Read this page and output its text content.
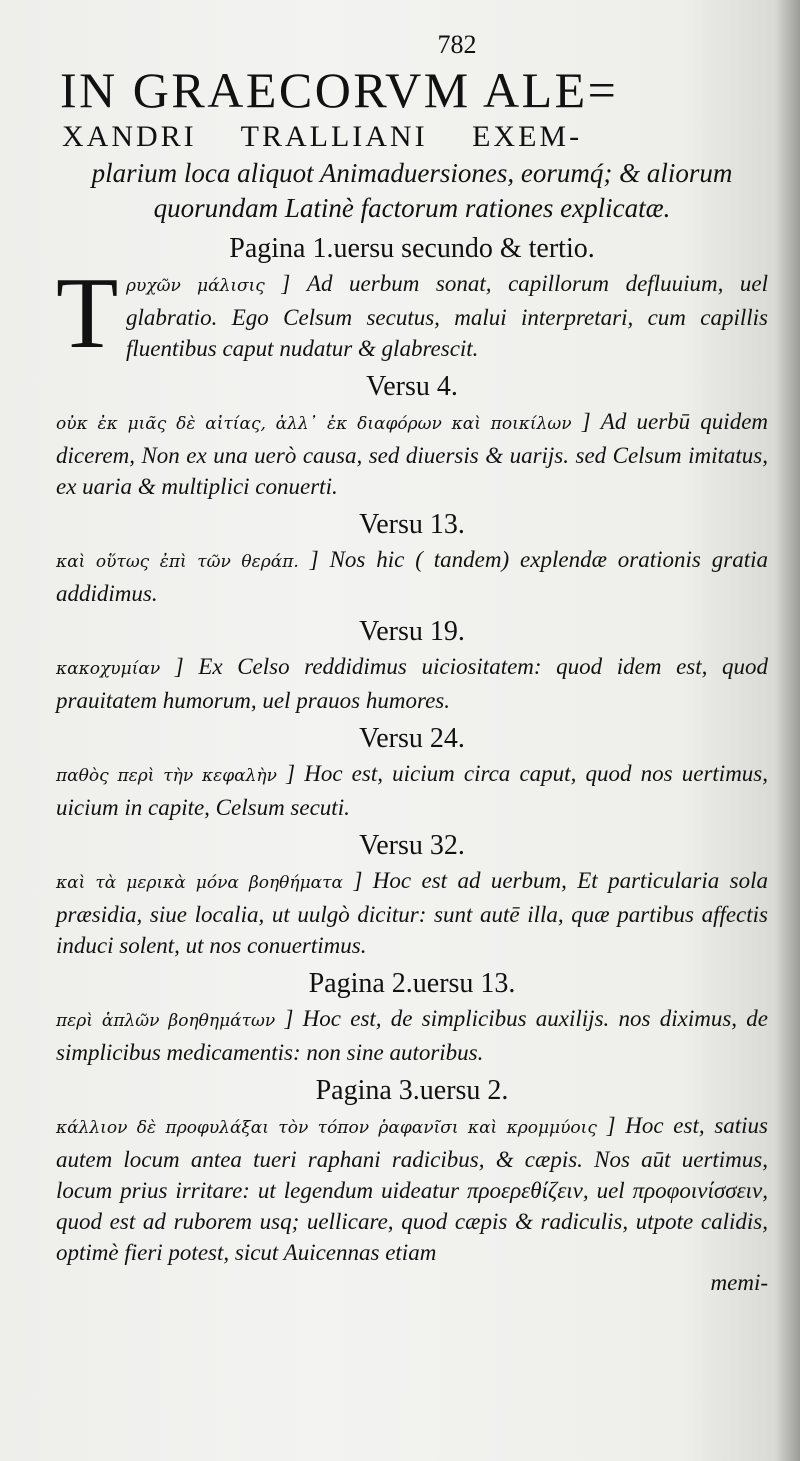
782
IN GRAECORVM ALE=
XANDRI TRALLIANI EXEM-
plarium loca aliquot Animaduersiones, eorumq́; & aliorum quorundam Latinè factorum rationes explicatæ.
Pagina 1.uersu secundo & tertio.
T ρυχῶν μάλισις ] Ad uerbum sonat, capillorum defluuium, uel glabratio. Ego Celsum secutus, malui interpretari, cum capillis fluentibus caput nudatur & glabrescit.
Versu 4.
οὐκ ἐκ μιᾶς δὲ αἰτίας, ἀλλ᾽ ἐκ διαφόρων καὶ ποικίλων ] Ad uerbū quidem dicerem, Non ex una uerò causa, sed diuersis & uarijs. sed Celsum imitatus, ex uaria & multiplici conuerti.
Versu 13.
καὶ οὕτως ἐπὶ τῶν θεράπ. ] Nos hic ( tandem) explendæ orationis gratia addidimus.
Versu 19.
κακοχυμίαν ] Ex Celso reddidimus uiciositatem: quod idem est, quod prauitatem humorum, uel prauos humores.
Versu 24.
παθὸς περὶ τὴν κεφαλὴν ] Hoc est, uicium circa caput, quod nos uertimus, uicium in capite, Celsum secuti.
Versu 32.
καὶ τὰ μερικὰ μόνα βοηθήματα ] Hoc est ad uerbum, Et particularia sola præsidia, siue localia, ut uulgò dicitur: sunt autē illa, quæ partibus affectis induci solent, ut nos conuertimus.
Pagina 2.uersu 13.
περὶ ἁπλῶν βοηθημάτων ] Hoc est, de simplicibus auxilijs. nos diximus, de simplicibus medicamentis: non sine autoribus.
Pagina 3.uersu 2.
κάλλιον δὲ προφυλάξαι τὸν τόπον ῥαφανῖσι καὶ κρομμύοις ] Hoc est, satius autem locum antea tueri raphani radicibus, & cæpis. Nos aūt uertimus, locum prius irritare: ut legendum uideatur προερεθίζειν, uel προφοινίσσειν, quod est ad ruborem usq; uellicare, quod cæpis & radiculis, utpote calidis, optimè fieri potest, sicut Auicennas etiam
memi-
